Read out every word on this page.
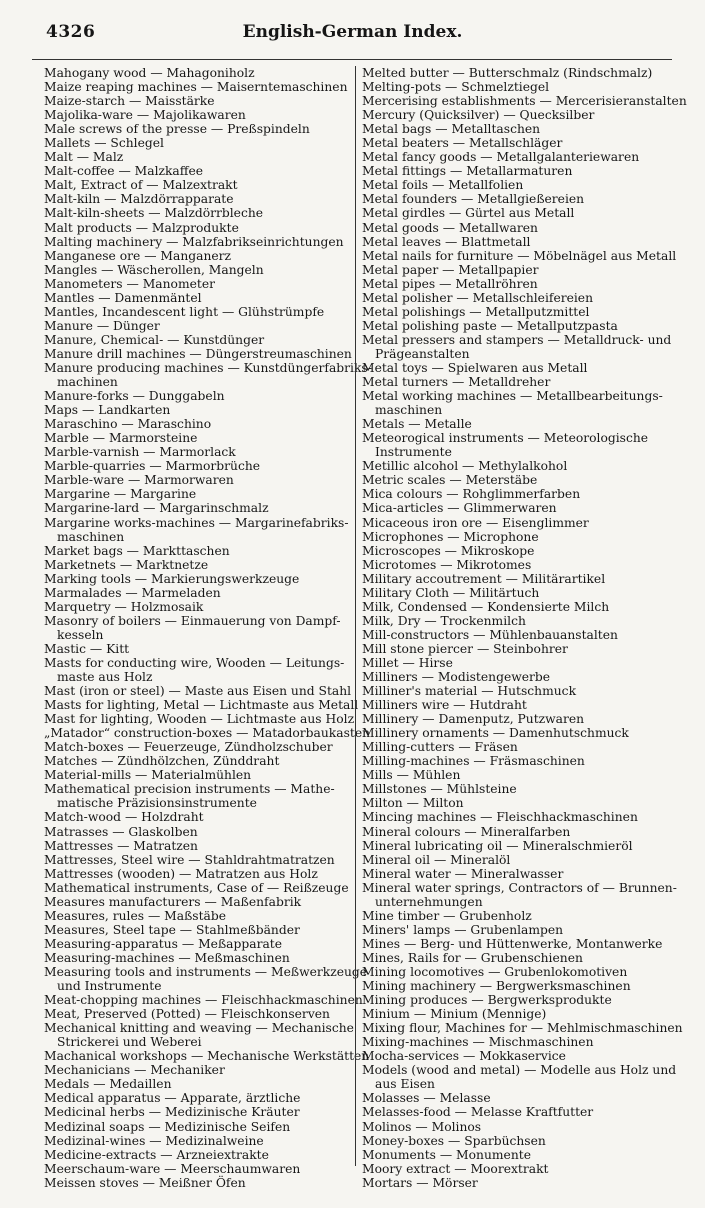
4326	English-German Index.
Mahogany wood — Mahagoniholz
Maize reaping machines — Maiserntemaschinen
Maize-starch — Maisstärke
Majolika-ware — Majolikawaren
Male screws of the presse — Preßspindeln
Mallets — Schlegel
Malt — Malz
Malt-coffee — Malzkaffee
Malt, Extract of — Malzextrakt
Malt-kiln — Malzdörrapparate
Malt-kiln-sheets — Malzdörrbleche
Malt products — Malzprodukte
Malting machinery — Malzfabrikseinrichtungen
Manganese ore — Manganerz
Mangles — Wäscherollen, Mangeln
Manometers — Manometer
Mantles — Damenmäntel
Mantles, Incandescent light — Glühstrümpfe
Manure — Dünger
Manure, Chemical- — Kunstdünger
Manure drill machines — Düngerstreumaschinen
Manure producing machines — Kunstdüngerfabriks-
machinen
Manure-forks — Dunggabeln
Maps — Landkarten
Maraschino — Maraschino
Marble — Marmorsteine
Marble-varnish — Marmorlack
Marble-quarries — Marmorbrüche
Marble-ware — Marmorwaren
Margarine — Margarine
Margarine-lard — Margarinschmalz
Margarine works-machines — Margarinefabriks-
maschinen
Market bags — Markttaschen
Marketnets — Marktnetze
Marking tools — Markierungswerkzeuge
Marmalades — Marmeladen
Marquetry — Holzmosaik
Masonry of boilers — Einmauerung von Dampf-
kesseln
Mastic — Kitt
Masts for conducting wire, Wooden — Leitungs-
maste aus Holz
Mast (iron or steel) — Maste aus Eisen und Stahl
Masts for lighting, Metal — Lichtmaste aus Metall
Mast for lighting, Wooden — Lichtmaste aus Holz
„Matador“ construction-boxes — Matadorbaukasten
Match-boxes — Feuerzeuge, Zündholzschuber
Matches — Zündhölzchen, Zünddraht
Material-mills — Materialmühlen
Mathematical precision instruments — Mathe-
matische Präzisionsinstrumente
Match-wood — Holzdraht
Matrasses — Glaskolben
Mattresses — Matratzen
Mattresses, Steel wire — Stahldrahtmatratzen
Mattresses (wooden) — Matratzen aus Holz
Mathematical instruments, Case of — Reißzeuge
Measures manufacturers — Maßenfabrik
Measures, rules — Maßstäbe
Measures, Steel tape — Stahlmeßbänder
Measuring-apparatus — Meßapparate
Measuring-machines — Meßmaschinen
Measuring tools and instruments — Meßwerkzeuge
und Instrumente
Meat-chopping machines — Fleischhackmaschinen
Meat, Preserved (Potted) — Fleischkonserven
Mechanical knitting and weaving — Mechanische
Strickerei und Weberei
Machanical workshops — Mechanische Werkstätten
Mechanicians — Mechaniker
Medals — Medaillen
Medical apparatus — Apparate, ärztliche
Medicinal herbs — Medizinische Kräuter
Medizinal soaps — Medizinische Seifen
Medizinal-wines — Medizinalweine
Medicine-extracts — Arzneiextrakte
Meerschaum-ware — Meerschaumwaren
Meissen stoves — Meißner Öfen
Melted butter — Butterschmalz (Rindschmalz)
Melting-pots — Schmelztiegel
Mercerising establishments — Mercerisieranstalten
Mercury (Quicksilver) — Quecksilber
Metal bags — Metalltaschen
Metal beaters — Metallschläger
Metal fancy goods — Metallgalanteriewaren
Metal fittings — Metallarmaturen
Metal foils — Metallfolien
Metal founders — Metallgießereien
Metal girdles — Gürtel aus Metall
Metal goods — Metallwaren
Metal leaves — Blattmetall
Metal nails for furniture — Möbelnägel aus Metall
Metal paper — Metallpapier
Metal pipes — Metallröhren
Metal polisher — Metallschleifereien
Metal polishings — Metallputzmittel
Metal polishing paste — Metallputzpasta
Metal pressers and stampers — Metalldruck- und
Prägeanstalten
Metal toys — Spielwaren aus Metall
Metal turners — Metalldreher
Metal working machines — Metallbearbeitungs-
maschinen
Metals — Metalle
Meteorogical instruments — Meteorologische
Instrumente
Metillic alcohol — Methylalkohol
Metric scales — Meterstäbe
Mica colours — Rohglimmerfarben
Mica-articles — Glimmerwaren
Micaceous iron ore — Eisenglimmer
Microphones — Microphone
Microscopes — Mikroskope
Microtomes — Mikrotomes
Military accoutrement — Militärartikel
Military Cloth — Militärtuch
Milk, Condensed — Kondensierte Milch
Milk, Dry — Trockenmilch
Mill-constructors — Mühlenbauanstalten
Mill stone piercer — Steinbohrer
Millet — Hirse
Milliners — Modistengewerbe
Milliner's material — Hutschmuck
Milliners wire — Hutdraht
Millinery — Damenputz, Putzwaren
Millinery ornaments — Damenhutschmuck
Milling-cutters — Fräsen
Milling-machines — Fräsmaschinen
Mills — Mühlen
Millstones — Mühlsteine
Milton — Milton
Mincing machines — Fleischhackmaschinen
Mineral colours — Mineralfarben
Mineral lubricating oil — Mineralschmieröl
Mineral oil — Mineralöl
Mineral water — Mineralwasser
Mineral water springs, Contractors of — Brunnen-
unternehmungen
Mine timber — Grubenholz
Miners' lamps — Grubenlampen
Mines — Berg- und Hüttenwerke, Montanwerke
Mines, Rails for — Grubenschienen
Mining locomotives — Grubenlokomotiven
Mining machinery — Bergwerksmaschinen
Mining produces — Bergwerksprodukte
Minium — Minium (Mennige)
Mixing flour, Machines for — Mehlmischmaschinen
Mixing-machines — Mischmaschinen
Mocha-services — Mokkaservice
Models (wood and metal) — Modelle aus Holz und
aus Eisen
Molasses — Melasse
Melasses-food — Melasse Kraftfutter
Molinos — Molinos
Money-boxes — Sparbüchsen
Monuments — Monumente
Moory extract — Moorextrakt
Mortars — Mörser
